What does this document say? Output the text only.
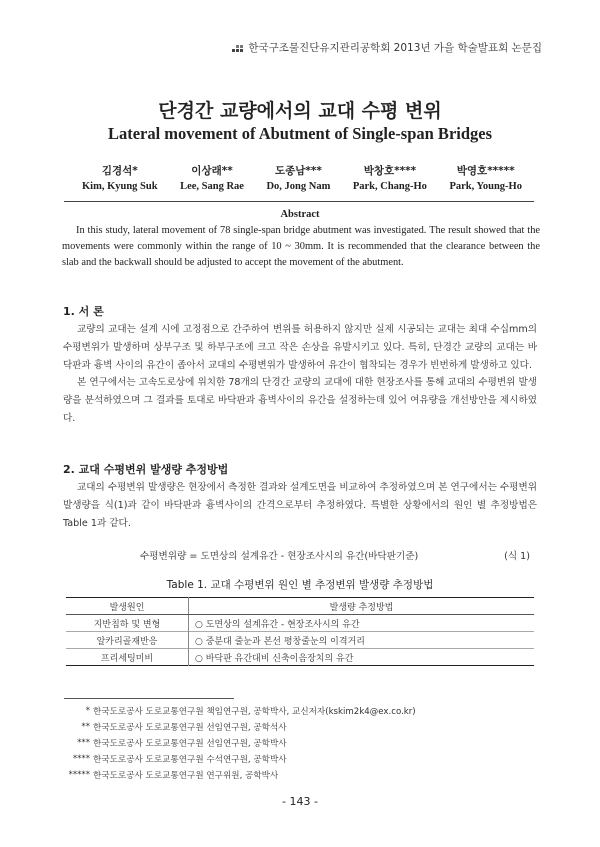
한국구조물진단유지관리공학회 2013년 가을 학술발표회 논문집
단경간 교량에서의 교대 수평 변위
Lateral movement of Abutment of Single-span Bridges
김경석*
Kim, Kyung Suk
이상래**
Lee, Sang Rae
도종남***
Do, Jong Nam
박창호****
Park, Chang-Ho
박영호*****
Park, Young-Ho
Abstract

In this study, lateral movement of 78 single-span bridge abutment was investigated. The result showed that the movements were commonly within the range of 10 ~ 30mm. It is recommended that the clearance between the slab and the backwall should be adjusted to accept the movement of the abutment.

1. 서 론

교량의 교대는 설계 시에 고정점으로 간주하여 변위를 허용하지 않지만 실제 시공되는 교대는 최대 수십mm의 수평변위가 발생하며 상부구조 및 하부구조에 크고 작은 손상을 유발시키고 있다. 특히, 단경간 교량의 교대는 바닥판과 흉벽 사이의 유간이 좁아서 교대의 수평변위가 발생하여 유간이 협착되는 경우가 빈번하게 발생하고 있다.

본 연구에서는 고속도로상에 위치한 78개의 단경간 교량의 교대에 대한 현장조사를 통해 교대의 수평변위 발생량을 분석하였으며 그 결과를 토대로 바닥판과 흉벽사이의 유간을 설정하는데 있어 여유량을 개선방안을 제시하였다.

2. 교대 수평변위 발생량 추정방법

교대의 수평변위 발생량은 현장에서 측정한 결과와 설계도면을 비교하여 추정하였으며 본 연구에서는 수평변위 발생량을 식(1)과 같이 바닥판과 흉벽사이의 간격으로부터 추정하였다. 특별한 상황에서의 원인 별 추정방법은 Table 1과 같다.

수평변위량 = 도면상의 설계유간 - 현장조사시의 유간(바닥판기준)	(식 1)
Table 1. 교대 수평변위 원인 별 추정변위 발생량 추정방법
발생원인	발생량 추정방법
지반침하 및 변형	○ 도면상의 설계유간 - 현장조사시의 유간
알카리골재반응	○ 중분대 줄눈과 본선 평창줄눈의 이격거리
프리세팅미비	○ 바닥판 유간대비 신축이음장치의 유간
* 한국도로공사 도로교통연구원 책임연구원, 공학박사, 교신저자(kskim2k4@ex.co.kr)
** 한국도로공사 도로교통연구원 선임연구원, 공학석사
*** 한국도로공사 도로교통연구원 선임연구원, 공학박사
**** 한국도로공사 도로교통연구원 수석연구원, 공학박사
***** 한국도로공사 도로교통연구원 연구위원, 공학박사
- 143 -
